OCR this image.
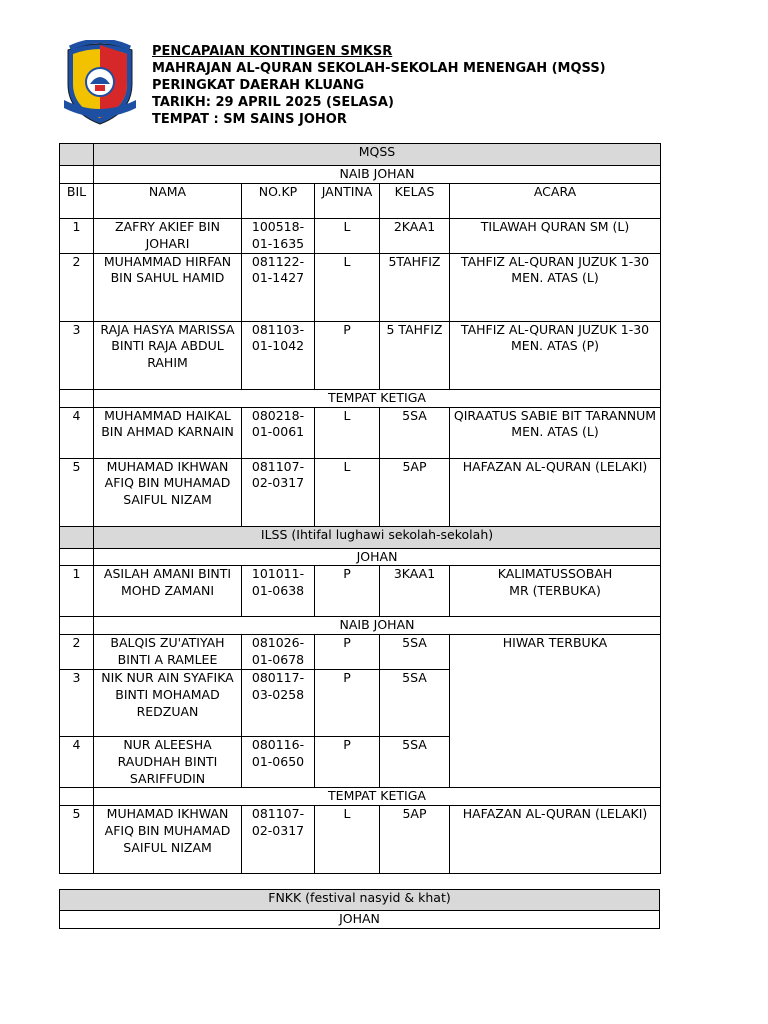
PENCAPAIAN KONTINGEN SMKSR
MAHRAJAN AL-QURAN SEKOLAH-SEKOLAH MENENGAH (MQSS)
PERINGKAT DAERAH KLUANG
TARIKH: 29 APRIL 2025 (SELASA)
TEMPAT : SM SAINS JOHOR
	MQSS				
	NAIB JOHAN				
BIL	NAMA	NO.KP	JANTINA	KELAS	ACARA
1	ZAFRY AKIEF BIN JOHARI	100518-01-1635	L	2KAA1	TILAWAH QURAN SM (L)
2	MUHAMMAD HIRFAN BIN SAHUL HAMID	081122-01-1427	L	5TAHFIZ	TAHFIZ AL-QURAN JUZUK 1-30
MEN. ATAS (L)

3	RAJA HASYA MARISSA BINTI RAJA ABDUL RAHIM	081103-01-1042	P	5 TAHFIZ	TAHFIZ AL-QURAN JUZUK 1-30
MEN. ATAS (P)

	TEMPAT KETIGA				
4	MUHAMMAD HAIKAL BIN AHMAD KARNAIN	080218-01-0061	L	5SA	QIRAATUS SABIE BIT TARANNUM MEN. ATAS (L)
5	MUHAMAD IKHWAN AFIQ BIN MUHAMAD SAIFUL NIZAM	081107-02-0317	L	5AP	HAFAZAN AL-QURAN (LELAKI)
	ILSS (Ihtifal lughawi sekolah-sekolah)				
	JOHAN				
1	ASILAH AMANI BINTI MOHD ZAMANI	101011-01-0638	P	3KAA1	KALIMATUSSOBAH
MR (TERBUKA)

	NAIB JOHAN				
2	BALQIS ZU'ATIYAH BINTI A RAMLEE	081026-01-0678	P	5SA	HIWAR TERBUKA
3	NIK NUR AIN SYAFIKA BINTI MOHAMAD REDZUAN	080117-03-0258	P	5SA	
4	NUR ALEESHA RAUDHAH BINTI SARIFFUDIN	080116-01-0650	P	5SA	
	TEMPAT KETIGA				
5	MUHAMAD IKHWAN AFIQ BIN MUHAMAD SAIFUL NIZAM	081107-02-0317	L	5AP	HAFAZAN AL-QURAN (LELAKI)
FNKK (festival nasyid & khat)
JOHAN
